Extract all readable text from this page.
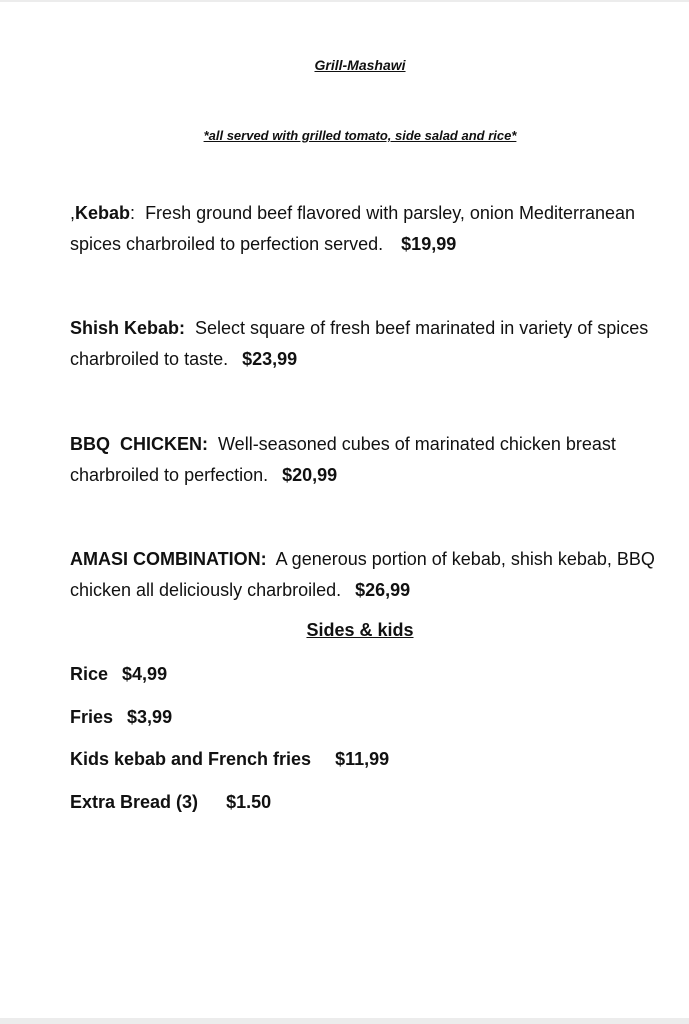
Grill-Mashawi
*all served with grilled tomato, side salad and rice*
,Kebab: Fresh ground beef flavored with parsley, onion Mediterranean spices charbroiled to perfection served. $19,99
Shish Kebab: Select square of fresh beef marinated in variety of spices charbroiled to taste. $23,99
BBQ  CHICKEN: Well-seasoned cubes of marinated chicken breast charbroiled to perfection. $20,99
AMASI COMBINATION: A generous portion of kebab, shish kebab, BBQ chicken all deliciously charbroiled. $26,99
Sides & kids
Rice $4,99
Fries $3,99
Kids kebab and French fries $11,99
Extra Bread (3) $1.50
